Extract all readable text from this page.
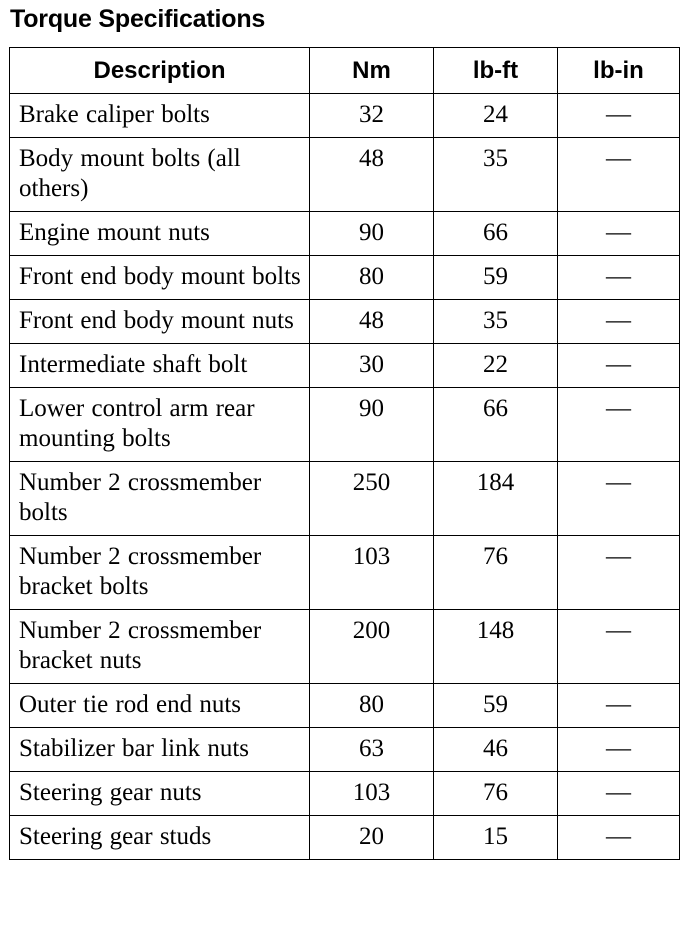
Torque Specifications
Description	Nm	lb-ft	lb-in
Brake caliper bolts	32	24	—
Body mount bolts (all others)	48	35	—
Engine mount nuts	90	66	—
Front end body mount bolts	80	59	—
Front end body mount nuts	48	35	—
Intermediate shaft bolt	30	22	—
Lower control arm rear mounting bolts	90	66	—
Number 2 crossmember bolts	250	184	—
Number 2 crossmember bracket bolts	103	76	—
Number 2 crossmember bracket nuts	200	148	—
Outer tie rod end nuts	80	59	—
Stabilizer bar link nuts	63	46	—
Steering gear nuts	103	76	—
Steering gear studs	20	15	—
